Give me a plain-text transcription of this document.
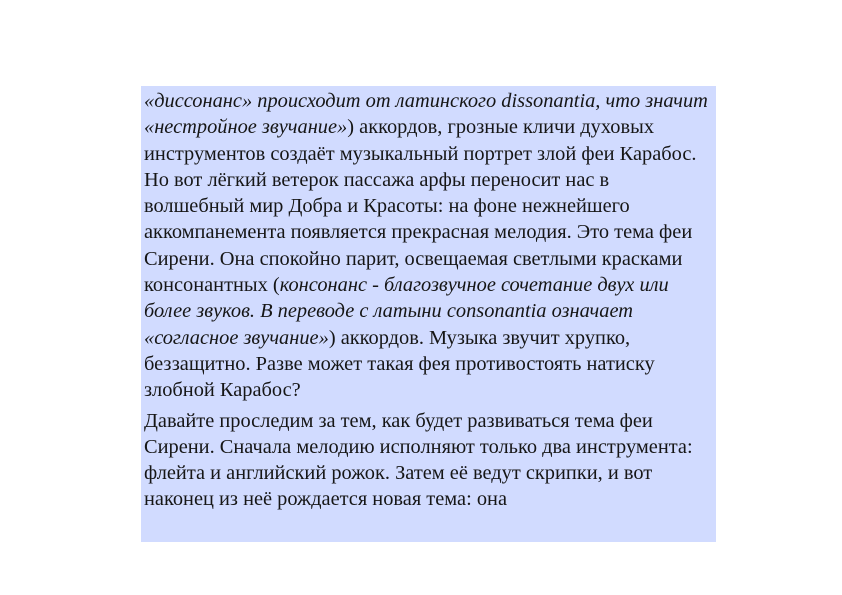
«диссонанс» происходит от латинского dissonantia, что значит «нестройное звучание») аккордов, грозные кличи духовых инструментов создаёт музыкальный портрет злой феи Карабос.

Но вот лёгкий ветерок пассажа арфы переносит нас в волшебный мир Добра и Красоты: на фоне нежнейшего аккомпанемента появляется прекрасная мелодия. Это тема феи Сирени. Она спокойно парит, освещаемая светлыми красками консонантных (консонанс - благозвучное сочетание двух или более звуков. В переводе с латыни consonantia означает «согласное звучание») аккордов. Музыка звучит хрупко, беззащитно. Разве может такая фея противостоять натиску злобной Карабос?

Давайте проследим за тем, как будет развиваться тема феи Сирени. Сначала мелодию исполняют только два инструмента: флейта и английский рожок. Затем её ведут скрипки, и вот наконец из неё рождается новая тема: она
